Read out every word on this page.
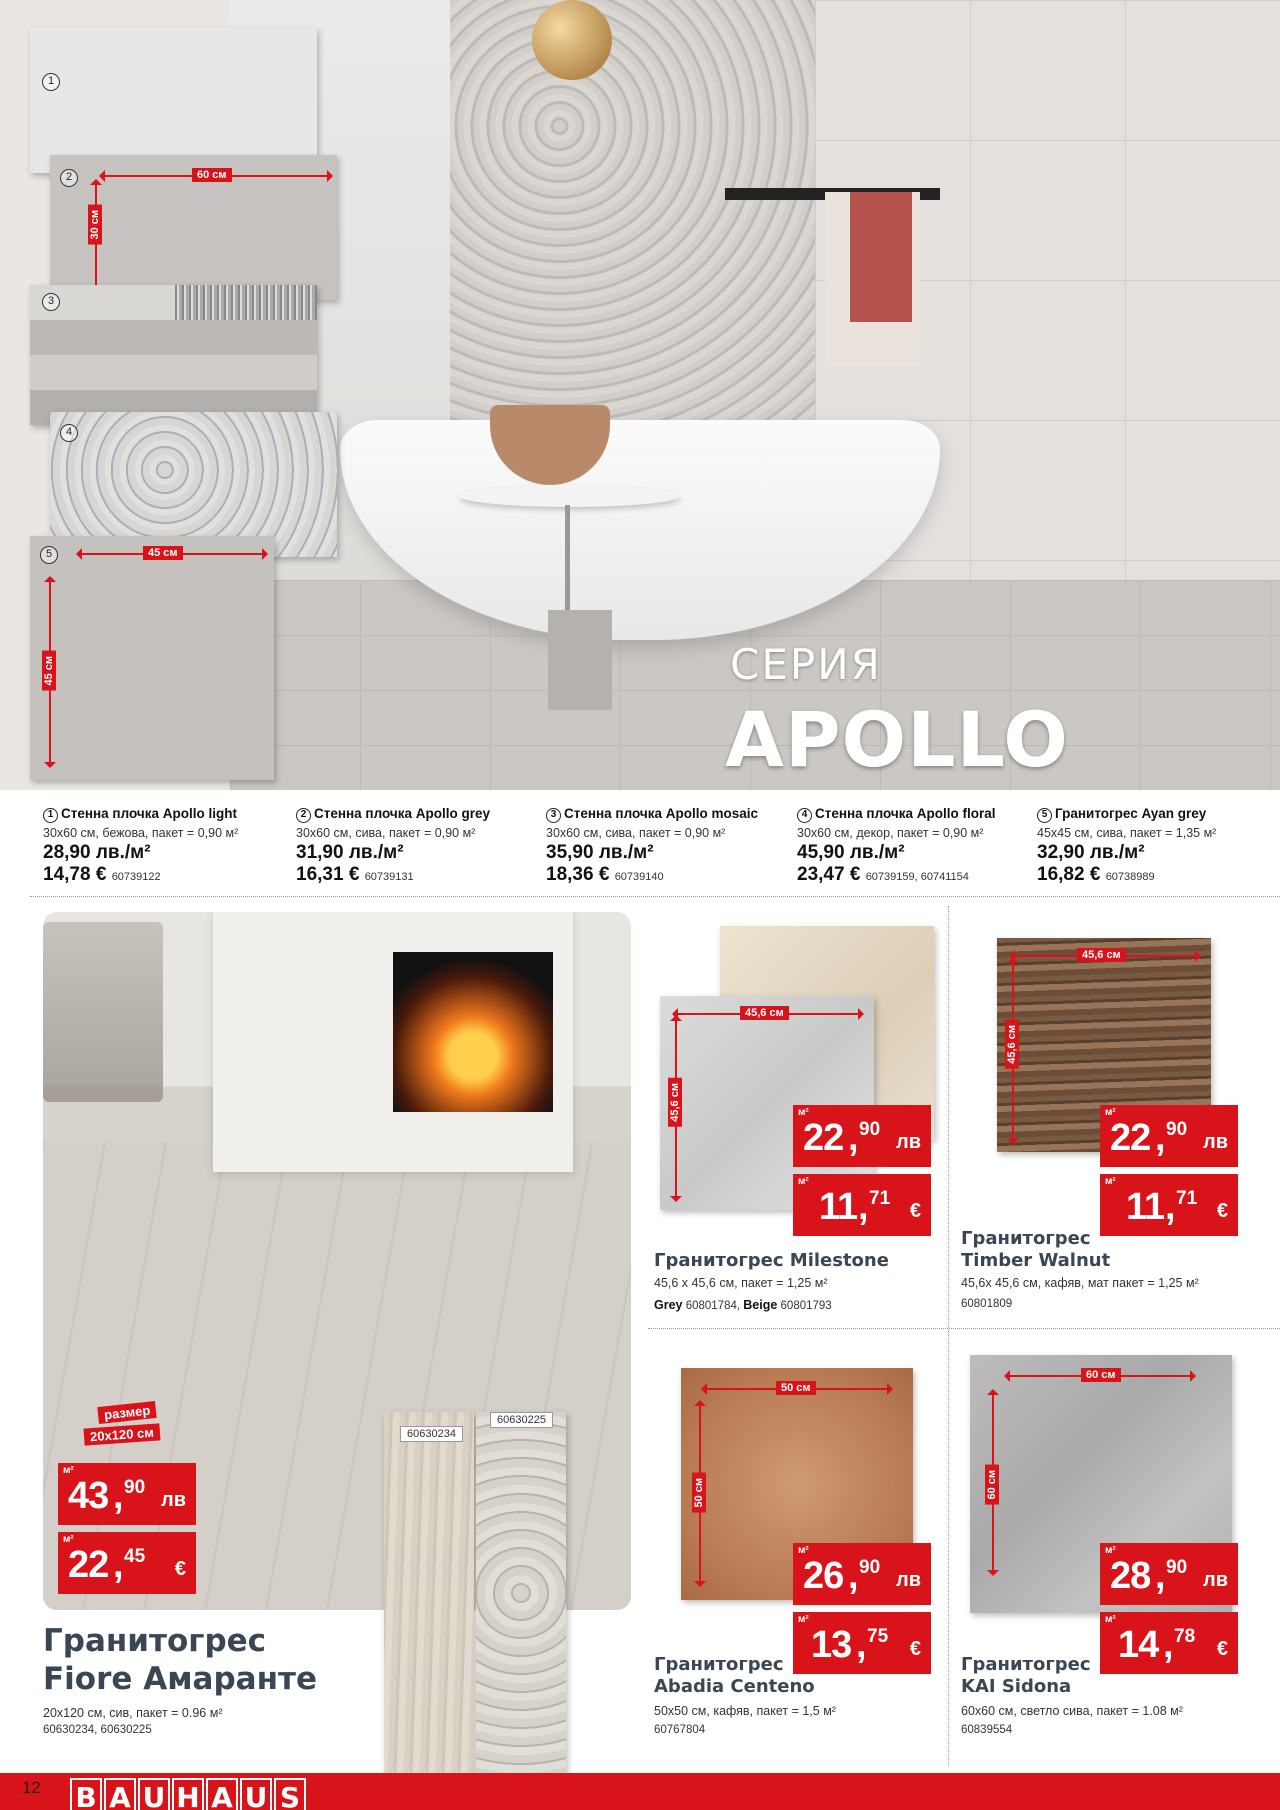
СЕРИЯ
APOLLO
1
2	60 см
30 см
3
4
5	45 см
45 см
1 Стенна плочка Apollo light
30x60 см, бежова, пакет = 0,90 м²
28,90 лв./м²
14,78 € 60739122
2 Стенна плочка Apollo grey
30x60 см, сива, пакет = 0,90 м²
31,90 лв./м²
16,31 € 60739131
3 Стенна плочка Apollo mosaic
30x60 см, сива, пакет = 0,90 м²
35,90 лв./м²
18,36 € 60739140
4 Стенна плочка Apollo floral
30x60 см, декор, пакет = 0,90 м²
45,90 лв./м²
23,47 € 60739159, 60741154
5 Гранитогрес Ayan grey
45x45 см, сива, пакет = 1,35 м²
32,90 лв./м²
16,82 € 60738989
60630234
60630225
размер
20x120 см
м²
43 , 90
лв
м²
22 , 45
€
Гранитогрес
Fiore Амаранте
20x120 см, сив, пакет = 0.96 м²
60630234, 60630225
45,6 см
45,6 см	м²
22 , 90
лв
м²
11 , 71
€
Гранитогрес Milestone
45,6 x 45,6 см, пакет = 1,25 м²
Grey 60801784, Beige 60801793
45,6 см
45,6 см
м²
22 , 90
лв
м²
11 , 71
€
Гранитогрес
Timber Walnut
45,6x 45,6 см, кафяв, мат пакет = 1,25 м²
60801809
50 см
50 см
м²
26 , 90
лв
м²
13 , 75
€
Гранитогрес
Abadia Centeno
50x50 см, кафяв, пакет = 1,5 м²
60767804
60 см
60 см
м²
28 , 90
лв
м²
14 , 78
€
Гранитогрес
KAI Sidona
60x60 см, светло сива, пакет = 1.08 м²
60839554
12 B A U H A U S
